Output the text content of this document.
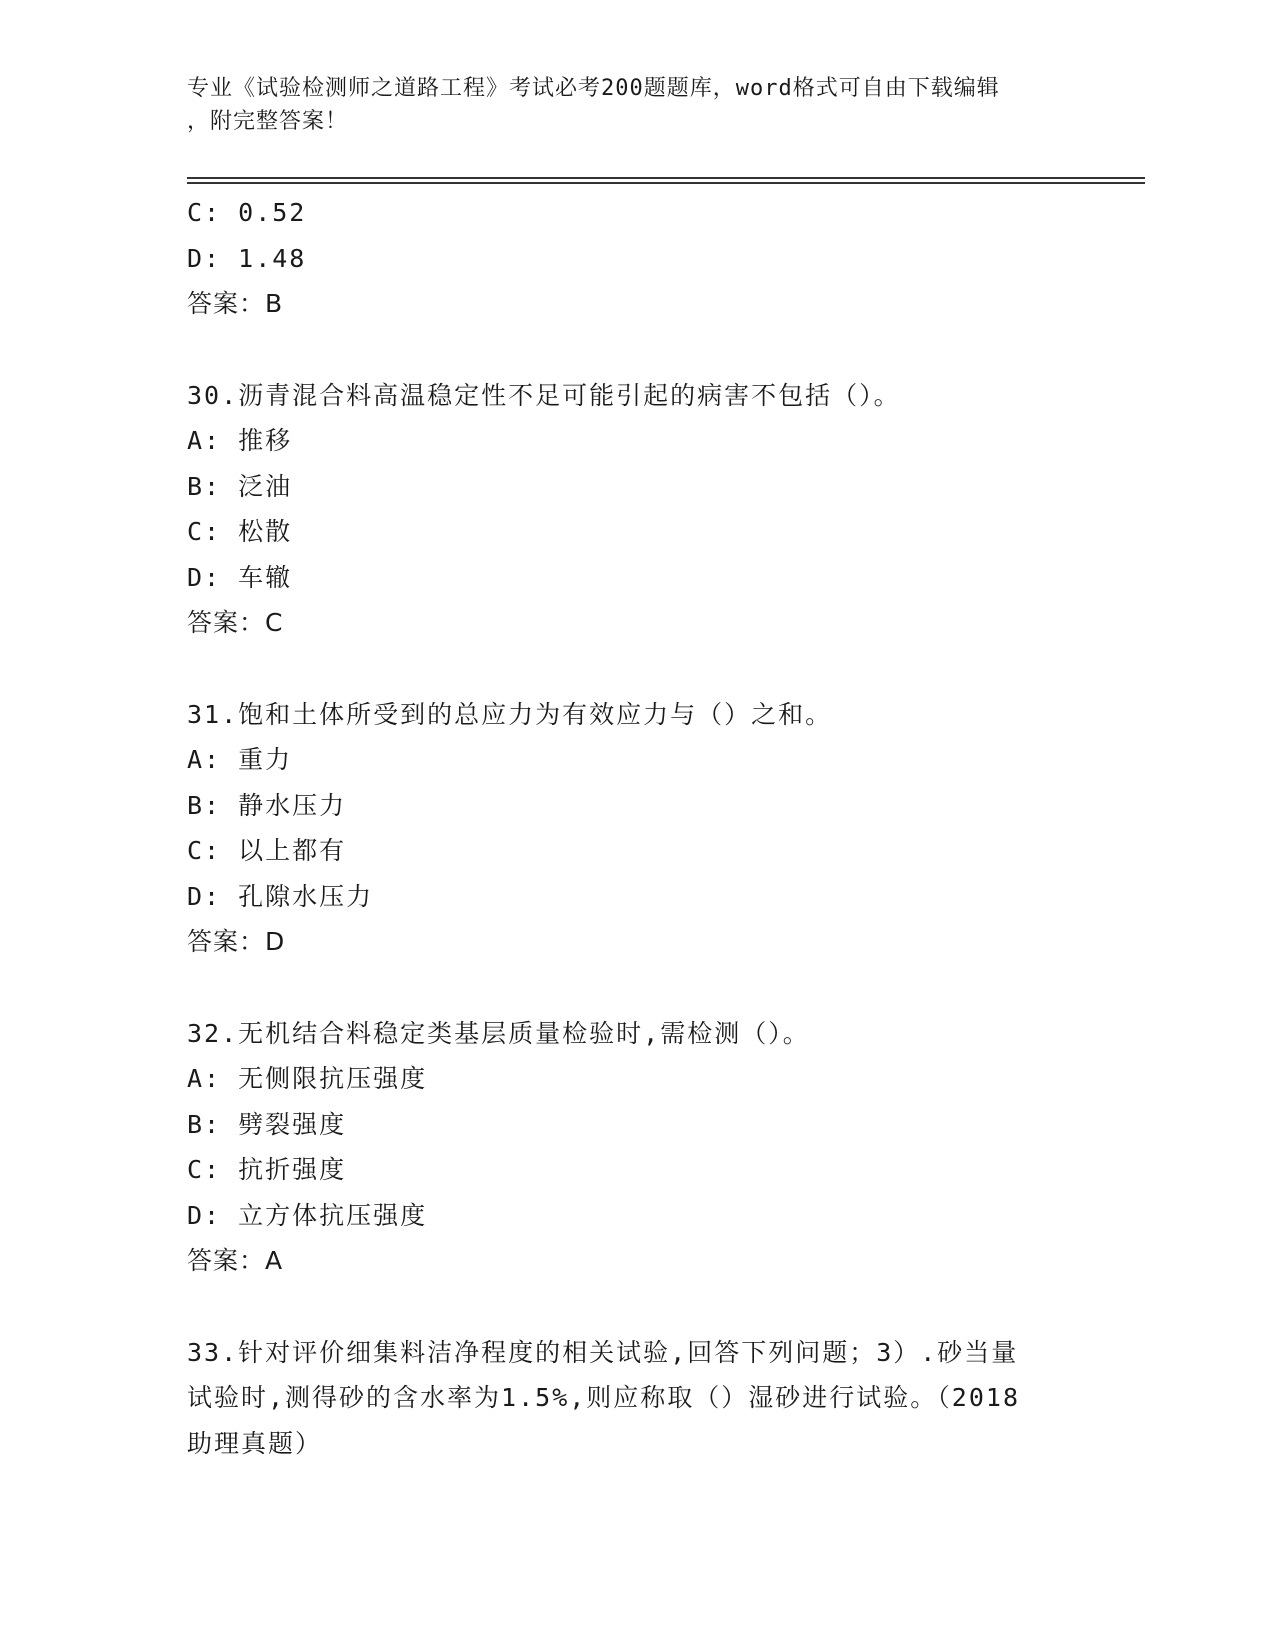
专业《试验检测师之道路工程》考试必考200题题库，word格式可自由下载编辑
，附完整答案！
C: 0.52
D: 1.48
答案：B
30.沥青混合料高温稳定性不足可能引起的病害不包括（）。
A: 推移
B: 泛油
C: 松散
D: 车辙
答案：C
31.饱和土体所受到的总应力为有效应力与（）之和。
A: 重力
B: 静水压力
C: 以上都有
D: 孔隙水压力
答案：D
32.无机结合料稳定类基层质量检验时,需检测（）。
A: 无侧限抗压强度
B: 劈裂强度
C: 抗折强度
D: 立方体抗压强度
答案：A
33.针对评价细集料洁净程度的相关试验,回答下列问题；3）.砂当量
试验时,测得砂的含水率为1.5%,则应称取（）湿砂进行试验。（2018
助理真题）
